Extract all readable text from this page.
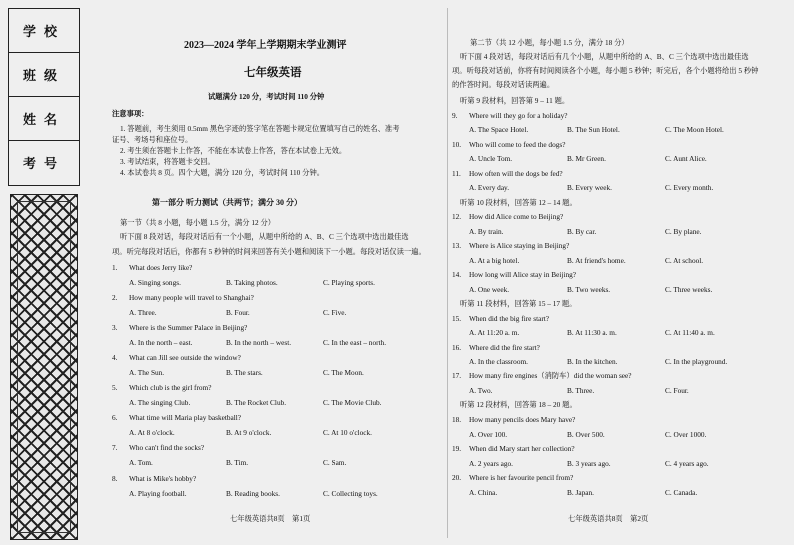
学校
班级
姓名
考号
2023—2024 学年上学期期末学业测评
七年级英语
试题满分 120 分，考试时间 110 分钟
注意事项：
1. 答题前，考生须用 0.5mm 黑色字迹的签字笔在答题卡规定位置填写自己的姓名、准考
证号、考场号和座位号。
2. 考生须在答题卡上作答，不能在本试卷上作答，答在本试卷上无效。
3. 考试结束，将答题卡交回。
4. 本试卷共 8 页。四个大题，满分 120 分，考试时间 110 分钟。
第一部分 听力测试（共两节；满分 30 分）
第一节（共 8 小题，每小题 1.5 分，满分 12 分）
听下面 8 段对话，每段对话后有一个小题，从题中所给的 A、B、C 三个选项中选出最佳选
项。听完每段对话后，你都有 5 秒钟的时间来回答有关小题和阅读下一小题。每段对话仅读一遍。
1. What does Jerry like?
A. Singing songs.	B. Taking photos.	C. Playing sports.
2. How many people will travel to Shanghai?
A. Three.	B. Four.	C. Five.
3. Where is the Summer Palace in Beijing?
A. In the north – east.	B. In the north – west.	C. In the east – north.
4. What can Jill see outside the window?
A. The Sun.	B. The stars.	C. The Moon.
5. Which club is the girl from?
A. The singing Club.	B. The Rocket Club.	C. The Movie Club.
6. What time will Maria play basketball?
A. At 8 o'clock.	B. At 9 o'clock.	C. At 10 o'clock.
7. Who can't find the socks?
A. Tom.	B. Tim.	C. Sam.
8. What is Mike's hobby?
A. Playing football.	B. Reading books.	C. Collecting toys.
七年级英语共8页　第1页
第二节（共 12 小题，每小题 1.5 分，满分 18 分）
听下面 4 段对话，每段对话后有几个小题，从题中所给的 A、B、C 三个选项中选出最佳选
项。听每段对话前，你将有时间阅读各个小题，每小题 5 秒钟；听完后，各个小题将给出 5 秒钟
的作答时间。每段对话读两遍。
听第 9 段材料，回答第 9 – 11 题。
9. Where will they go for a holiday?
A. The Space Hotel.	B. The Sun Hotel.	C. The Moon Hotel.
10. Who will come to feed the dogs?
A. Uncle Tom.	B. Mr Green.	C. Aunt Alice.
11. How often will the dogs be fed?
A. Every day.	B. Every week.	C. Every month.
听第 10 段材料，回答第 12 – 14 题。
12. How did Alice come to Beijing?
A. By train.	B. By car.	C. By plane.
13. Where is Alice staying in Beijing?
A. At a big hotel.	B. At friend's home.	C. At school.
14. How long will Alice stay in Beijing?
A. One week.	B. Two weeks.	C. Three weeks.
听第 11 段材料，回答第 15 – 17 题。
15. When did the big fire start?
A. At 11:20 a. m.	B. At 11:30 a. m.	C. At 11:40 a. m.
16. Where did the fire start?
A. In the classroom.	B. In the kitchen.	C. In the playground.
17. How many fire engines（消防车）did the woman see?
A. Two.	B. Three.	C. Four.
听第 12 段材料，回答第 18 – 20 题。
18. How many pencils does Mary have?
A. Over 100.	B. Over 500.	C. Over 1000.
19. When did Mary start her collection?
A. 2 years ago.	B. 3 years ago.	C. 4 years ago.
20. Where is her favourite pencil from?
A. China.	B. Japan.	C. Canada.
七年级英语共8页　第2页
